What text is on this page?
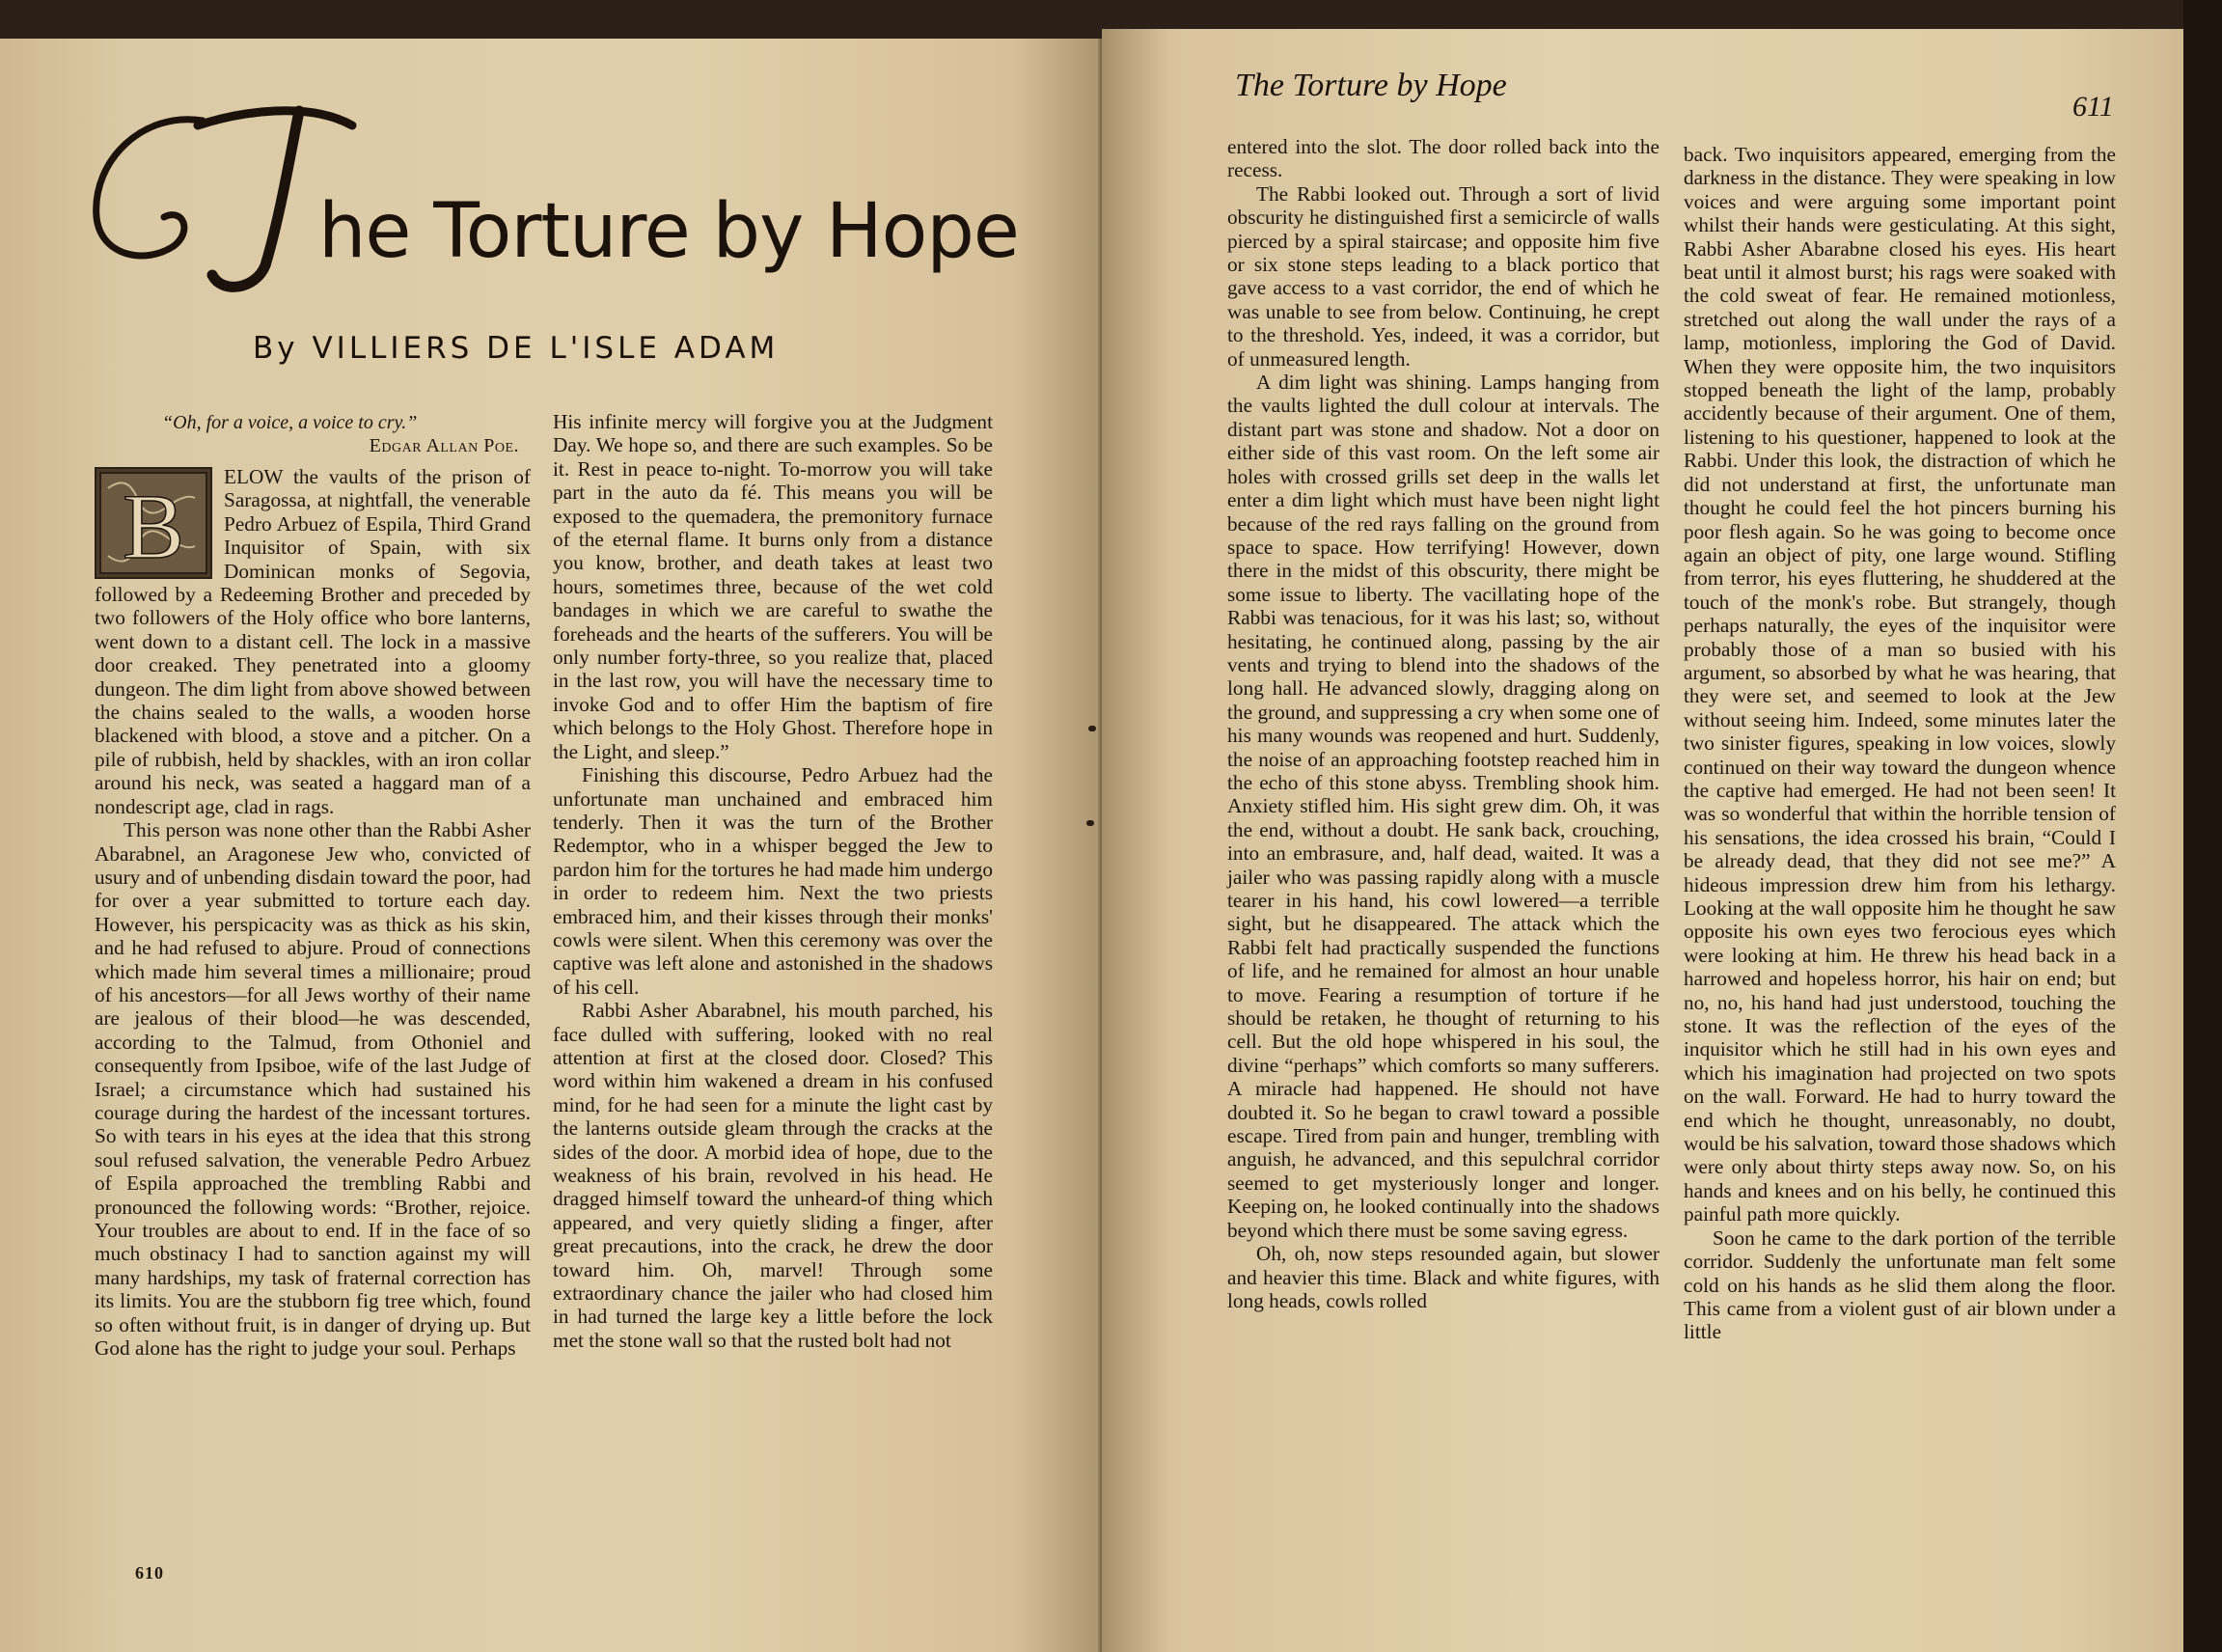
he Torture by Hope
By VILLIERS DE L'ISLE ADAM
“Oh, for a voice, a voice to cry.”
Edgar Allan Poe.
B	ELOW the vaults of the prison of Saragossa, at nightfall, the venerable Pedro Arbuez of Espila, Third Grand Inquisitor of Spain, with six Dominican monks of Segovia, followed by a Redeeming Brother and preceded by two followers of the Holy office who bore lanterns, went down to a distant cell. The lock in a massive door creaked. They penetrated into a gloomy dungeon. The dim light from above showed between the chains sealed to the walls, a wooden horse blackened with blood, a stove and a pitcher. On a pile of rubbish, held by shackles, with an iron collar around his neck, was seated a haggard man of a nondescript age, clad in rags.

This person was none other than the Rabbi Asher Abarabnel, an Aragonese Jew who, convicted of usury and of unbending disdain toward the poor, had for over a year submitted to torture each day. However, his perspicacity was as thick as his skin, and he had refused to abjure. Proud of connections which made him several times a millionaire; proud of his ancestors—for all Jews worthy of their name are jealous of their blood—he was descended, according to the Talmud, from Othoniel and consequently from Ipsiboe, wife of the last Judge of Israel; a circumstance which had sustained his courage during the hardest of the incessant tortures. So with tears in his eyes at the idea that this strong soul refused salvation, the venerable Pedro Arbuez of Espila approached the trembling Rabbi and pronounced the following words: “Brother, rejoice. Your troubles are about to end. If in the face of so much obstinacy I had to sanction against my will many hardships, my task of fraternal correction has its limits. You are the stubborn fig tree which, found so often without fruit, is in danger of drying up. But God alone has the right to judge your soul. Perhaps

His infinite mercy will forgive you at the Judgment Day. We hope so, and there are such examples. So be it. Rest in peace to-night. To-morrow you will take part in the auto da fé. This means you will be exposed to the quemadera, the premonitory furnace of the eternal flame. It burns only from a distance you know, brother, and death takes at least two hours, sometimes three, because of the wet cold bandages in which we are careful to swathe the foreheads and the hearts of the sufferers. You will be only number forty-three, so you realize that, placed in the last row, you will have the necessary time to invoke God and to offer Him the baptism of fire which belongs to the Holy Ghost. Therefore hope in the Light, and sleep.”

Finishing this discourse, Pedro Arbuez had the unfortunate man unchained and embraced him tenderly. Then it was the turn of the Brother Redemptor, who in a whisper begged the Jew to pardon him for the tortures he had made him undergo in order to redeem him. Next the two priests embraced him, and their kisses through their monks' cowls were silent. When this ceremony was over the captive was left alone and astonished in the shadows of his cell.

Rabbi Asher Abarabnel, his mouth parched, his face dulled with suffering, looked with no real attention at first at the closed door. Closed? This word within him wakened a dream in his confused mind, for he had seen for a minute the light cast by the lanterns outside gleam through the cracks at the sides of the door. A morbid idea of hope, due to the weakness of his brain, revolved in his head. He dragged himself toward the unheard-of thing which appeared, and very quietly sliding a finger, after great precautions, into the crack, he drew the door toward him. Oh, marvel! Through some extraordinary chance the jailer who had closed him in had turned the large key a little before the lock met the stone wall so that the rusted bolt had not

610
The Torture by Hope
611

entered into the slot. The door rolled back into the recess.

The Rabbi looked out. Through a sort of livid obscurity he distinguished first a semicircle of walls pierced by a spiral staircase; and opposite him five or six stone steps leading to a black portico that gave access to a vast corridor, the end of which he was unable to see from below. Continuing, he crept to the threshold. Yes, indeed, it was a corridor, but of unmeasured length.

A dim light was shining. Lamps hanging from the vaults lighted the dull colour at intervals. The distant part was stone and shadow. Not a door on either side of this vast room. On the left some air holes with crossed grills set deep in the walls let enter a dim light which must have been night light because of the red rays falling on the ground from space to space. How terrifying! However, down there in the midst of this obscurity, there might be some issue to liberty. The vacillating hope of the Rabbi was tenacious, for it was his last; so, without hesitating, he continued along, passing by the air vents and trying to blend into the shadows of the long hall. He advanced slowly, dragging along on the ground, and suppressing a cry when some one of his many wounds was reopened and hurt. Suddenly, the noise of an approaching footstep reached him in the echo of this stone abyss. Trembling shook him. Anxiety stifled him. His sight grew dim. Oh, it was the end, without a doubt. He sank back, crouching, into an embrasure, and, half dead, waited. It was a jailer who was passing rapidly along with a muscle tearer in his hand, his cowl lowered—a terrible sight, but he disappeared. The attack which the Rabbi felt had practically suspended the functions of life, and he remained for almost an hour unable to move. Fearing a resumption of torture if he should be retaken, he thought of returning to his cell. But the old hope whispered in his soul, the divine “perhaps” which comforts so many sufferers. A miracle had happened. He should not have doubted it. So he began to crawl toward a possible escape. Tired from pain and hunger, trembling with anguish, he advanced, and this sepulchral corridor seemed to get mysteriously longer and longer. Keeping on, he looked continually into the shadows beyond which there must be some saving egress.

Oh, oh, now steps resounded again, but slower and heavier this time. Black and white figures, with long heads, cowls rolled

back. Two inquisitors appeared, emerging from the darkness in the distance. They were speaking in low voices and were arguing some important point whilst their hands were gesticulating. At this sight, Rabbi Asher Abarabne closed his eyes. His heart beat until it almost burst; his rags were soaked with the cold sweat of fear. He remained motionless, stretched out along the wall under the rays of a lamp, motionless, imploring the God of David. When they were opposite him, the two inquisitors stopped beneath the light of the lamp, probably accidently because of their argument. One of them, listening to his questioner, happened to look at the Rabbi. Under this look, the distraction of which he did not understand at first, the unfortunate man thought he could feel the hot pincers burning his poor flesh again. So he was going to become once again an object of pity, one large wound. Stifling from terror, his eyes fluttering, he shuddered at the touch of the monk's robe. But strangely, though perhaps naturally, the eyes of the inquisitor were probably those of a man so busied with his argument, so absorbed by what he was hearing, that they were set, and seemed to look at the Jew without seeing him. Indeed, some minutes later the two sinister figures, speaking in low voices, slowly continued on their way toward the dungeon whence the captive had emerged. He had not been seen! It was so wonderful that within the horrible tension of his sensations, the idea crossed his brain, “Could I be already dead, that they did not see me?” A hideous impression drew him from his lethargy. Looking at the wall opposite him he thought he saw opposite his own eyes two ferocious eyes which were looking at him. He threw his head back in a harrowed and hopeless horror, his hair on end; but no, no, his hand had just understood, touching the stone. It was the reflection of the eyes of the inquisitor which he still had in his own eyes and which his imagination had projected on two spots on the wall. Forward. He had to hurry toward the end which he thought, unreasonably, no doubt, would be his salvation, toward those shadows which were only about thirty steps away now. So, on his hands and knees and on his belly, he continued this painful path more quickly.

Soon he came to the dark portion of the terrible corridor. Suddenly the unfortunate man felt some cold on his hands as he slid them along the floor. This came from a violent gust of air blown under a little
